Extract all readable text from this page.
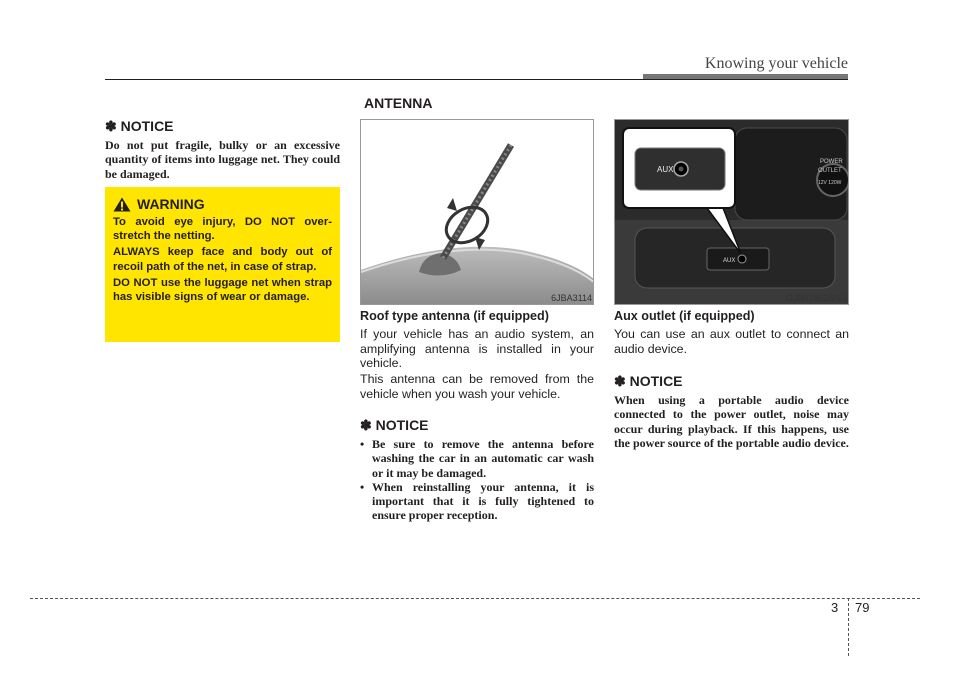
Knowing your vehicle
✽ NOTICE
Do not put fragile, bulky or an excessive quantity of items into luggage net. They could be damaged.
WARNING

To avoid eye injury, DO NOT over-stretch the netting.

ALWAYS keep face and body out of recoil path of the net, in case of strap.

DO NOT use the luggage net when strap has visible signs of wear or damage.

ANTENNA
6JBA3114
Roof type antenna (if equipped)
If your vehicle has an audio system, an amplifying antenna is installed in your vehicle.
This antenna can be removed from the vehicle when you wash your vehicle.
✽ NOTICE
• Be sure to remove the antenna before washing the car in an automatic car wash or it may be damaged.
• When reinstalling your antenna, it is important that it is fully tightened to ensure proper reception.
AUX
POWER
OUTLET
12V 120W
AUX
OJB028528N-1
Aux outlet (if equipped)
You can use an aux outlet to connect an audio device.
✽ NOTICE
When using a portable audio device connected to the power outlet, noise may occur during playback. If this happens, use the power source of the portable audio device.
3 79
